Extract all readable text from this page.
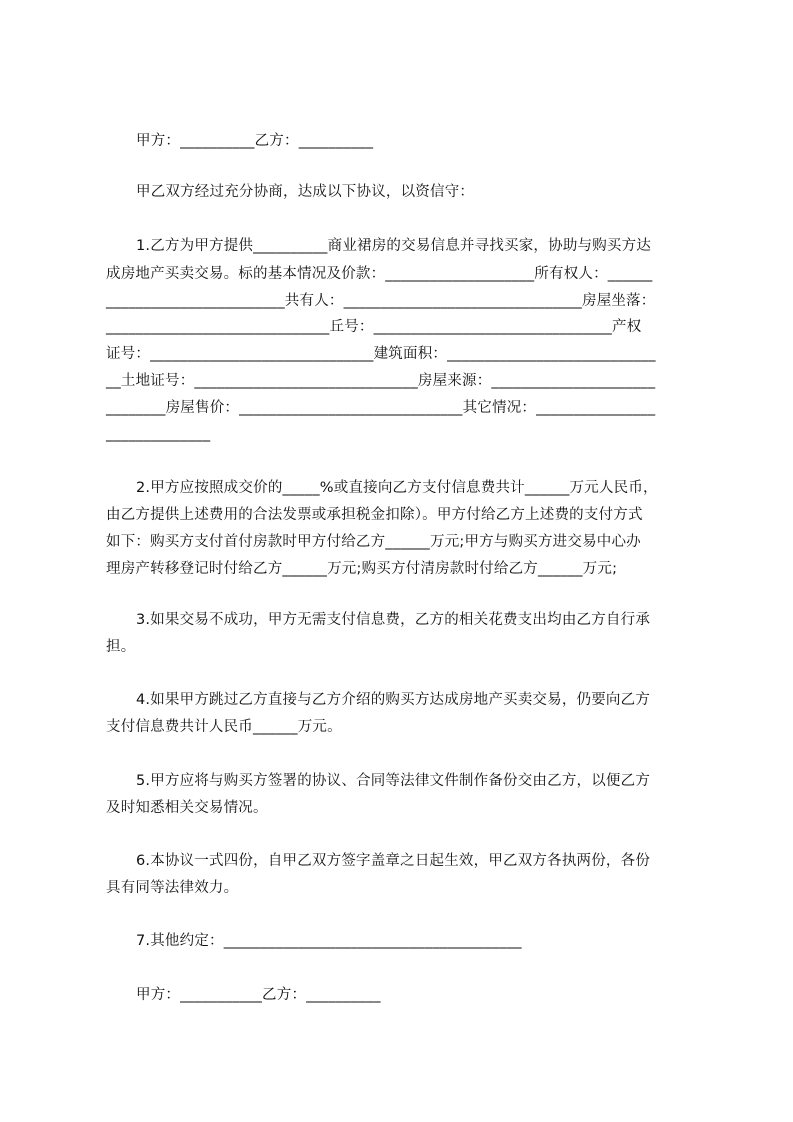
甲方：__________乙方：__________
甲乙双方经过充分协商，达成以下协议，以资信守：
1.乙方为甲方提供__________商业裙房的交易信息并寻找买家，协助与购买方达
成房地产买卖交易。标的基本情况及价款：____________________所有权人：______
________________________共有人：________________________________房屋坐落：
______________________________丘号：________________________________产权
证号：______________________________建筑面积：____________________________
__土地证号：______________________________房屋来源：______________________
________房屋售价：______________________________其它情况：________________
______________
2.甲方应按照成交价的_____%或直接向乙方支付信息费共计______万元人民币，
由乙方提供上述费用的合法发票或承担税金扣除）。甲方付给乙方上述费的支付方式
如下：购买方支付首付房款时甲方付给乙方______万元;甲方与购买方进交易中心办
理房产转移登记时付给乙方______万元;购买方付清房款时付给乙方______万元;
3.如果交易不成功，甲方无需支付信息费，乙方的相关花费支出均由乙方自行承
担。
4.如果甲方跳过乙方直接与乙方介绍的购买方达成房地产买卖交易，仍要向乙方
支付信息费共计人民币______万元。
5.甲方应将与购买方签署的协议、合同等法律文件制作备份交由乙方，以便乙方
及时知悉相关交易情况。
6.本协议一式四份，自甲乙双方签字盖章之日起生效，甲乙双方各执两份，各份
具有同等法律效力。
7.其他约定：________________________________________
甲方：___________乙方：__________
